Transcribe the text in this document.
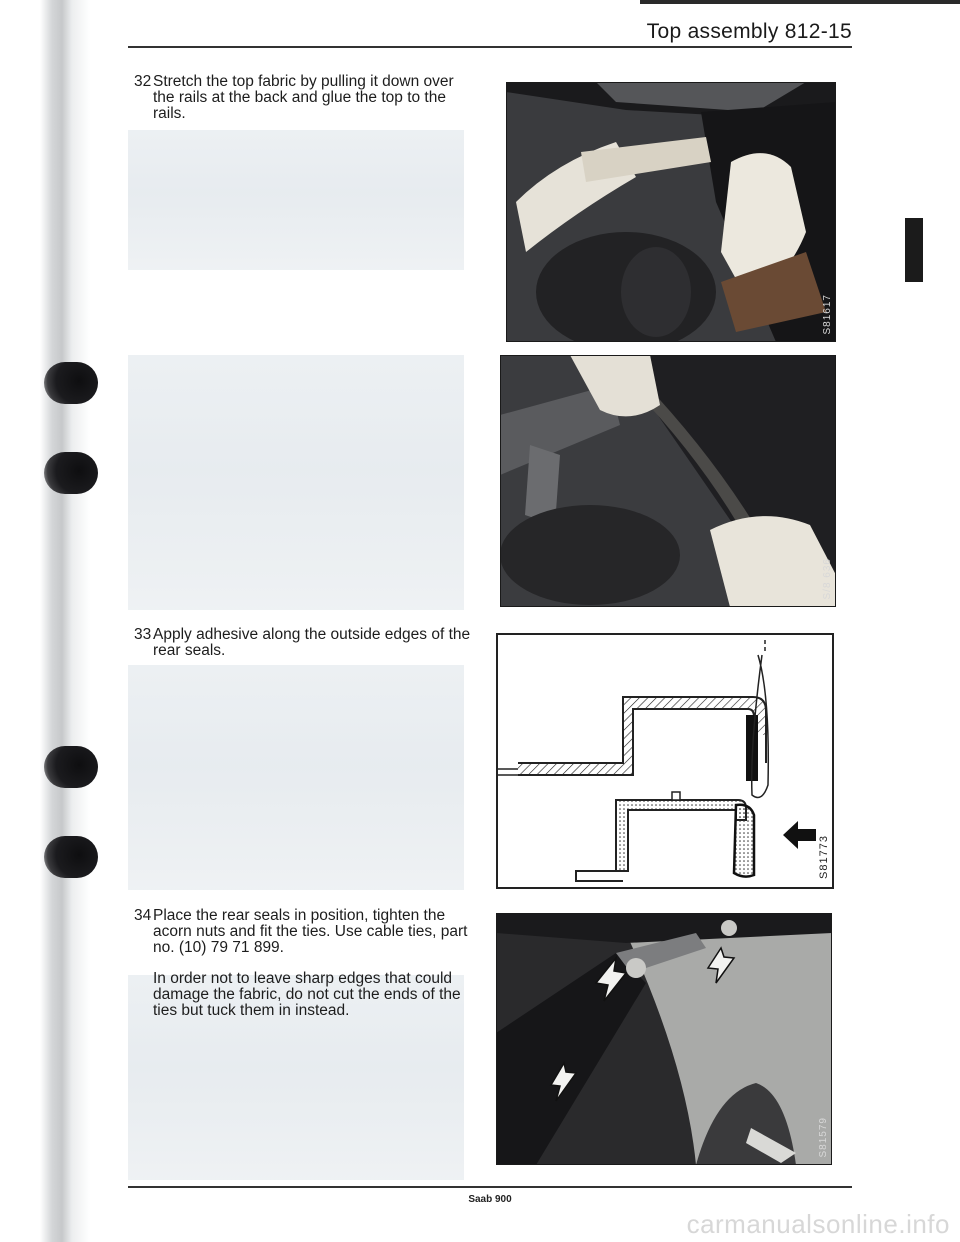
Top assembly 812-15
32 Stretch the top fabric by pulling it down over the rails at the back and glue the top to the rails.
33 Apply adhesive along the outside edges of the rear seals.
34 Place the rear seals in position, tighten the acorn nuts and fit the ties. Use cable ties, part no. (10) 79 71 899.

In order not to leave sharp edges that could damage the fabric, do not cut the ends of the ties but tuck them in instead.

S81617
S/8 636
S81773
S81579
Saab 900
carmanualsonline.info
